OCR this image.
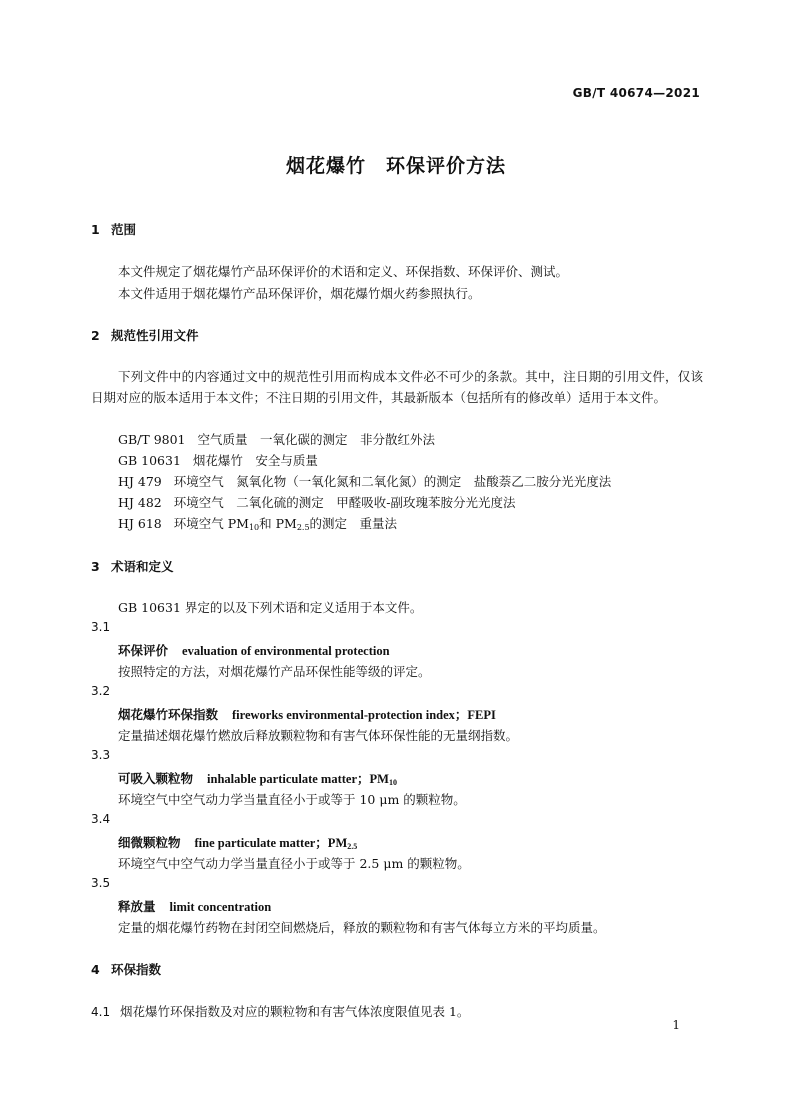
GB/T 40674—2021
烟花爆竹　环保评价方法
1 范围
本文件规定了烟花爆竹产品环保评价的术语和定义、环保指数、环保评价、测试。
本文件适用于烟花爆竹产品环保评价，烟花爆竹烟火药参照执行。
2 规范性引用文件
下列文件中的内容通过文中的规范性引用而构成本文件必不可少的条款。其中，注日期的引用文件，仅该日期对应的版本适用于本文件；不注日期的引用文件，其最新版本（包括所有的修改单）适用于本文件。
GB/T 9801 空气质量　一氧化碳的测定　非分散红外法
GB 10631 烟花爆竹　安全与质量
HJ 479 环境空气　氮氧化物（一氧化氮和二氧化氮）的测定　盐酸萘乙二胺分光光度法
HJ 482 环境空气　二氧化硫的测定　甲醛吸收-副玫瑰苯胺分光光度法
HJ 618 环境空气 $PM_{10}$和 $PM_{2.5}$的测定　重量法
3 术语和定义
GB 10631 界定的以及下列术语和定义适用于本文件。
3.1
环保评价 evaluation of environmental protection
按照特定的方法，对烟花爆竹产品环保性能等级的评定。
3.2
烟花爆竹环保指数 fireworks environmental-protection index；FEPI
定量描述烟花爆竹燃放后释放颗粒物和有害气体环保性能的无量纲指数。
3.3
可吸入颗粒物 inhalable particulate matter；$PM_{10}$
环境空气中空气动力学当量直径小于或等于 10 μm 的颗粒物。
3.4
细微颗粒物 fine particulate matter；$PM_{2.5}$
环境空气中空气动力学当量直径小于或等于 2.5 μm 的颗粒物。
3.5
释放量 limit concentration
定量的烟花爆竹药物在封闭空间燃烧后，释放的颗粒物和有害气体每立方米的平均质量。
4 环保指数
4.1 烟花爆竹环保指数及对应的颗粒物和有害气体浓度限值见表 1。
1
